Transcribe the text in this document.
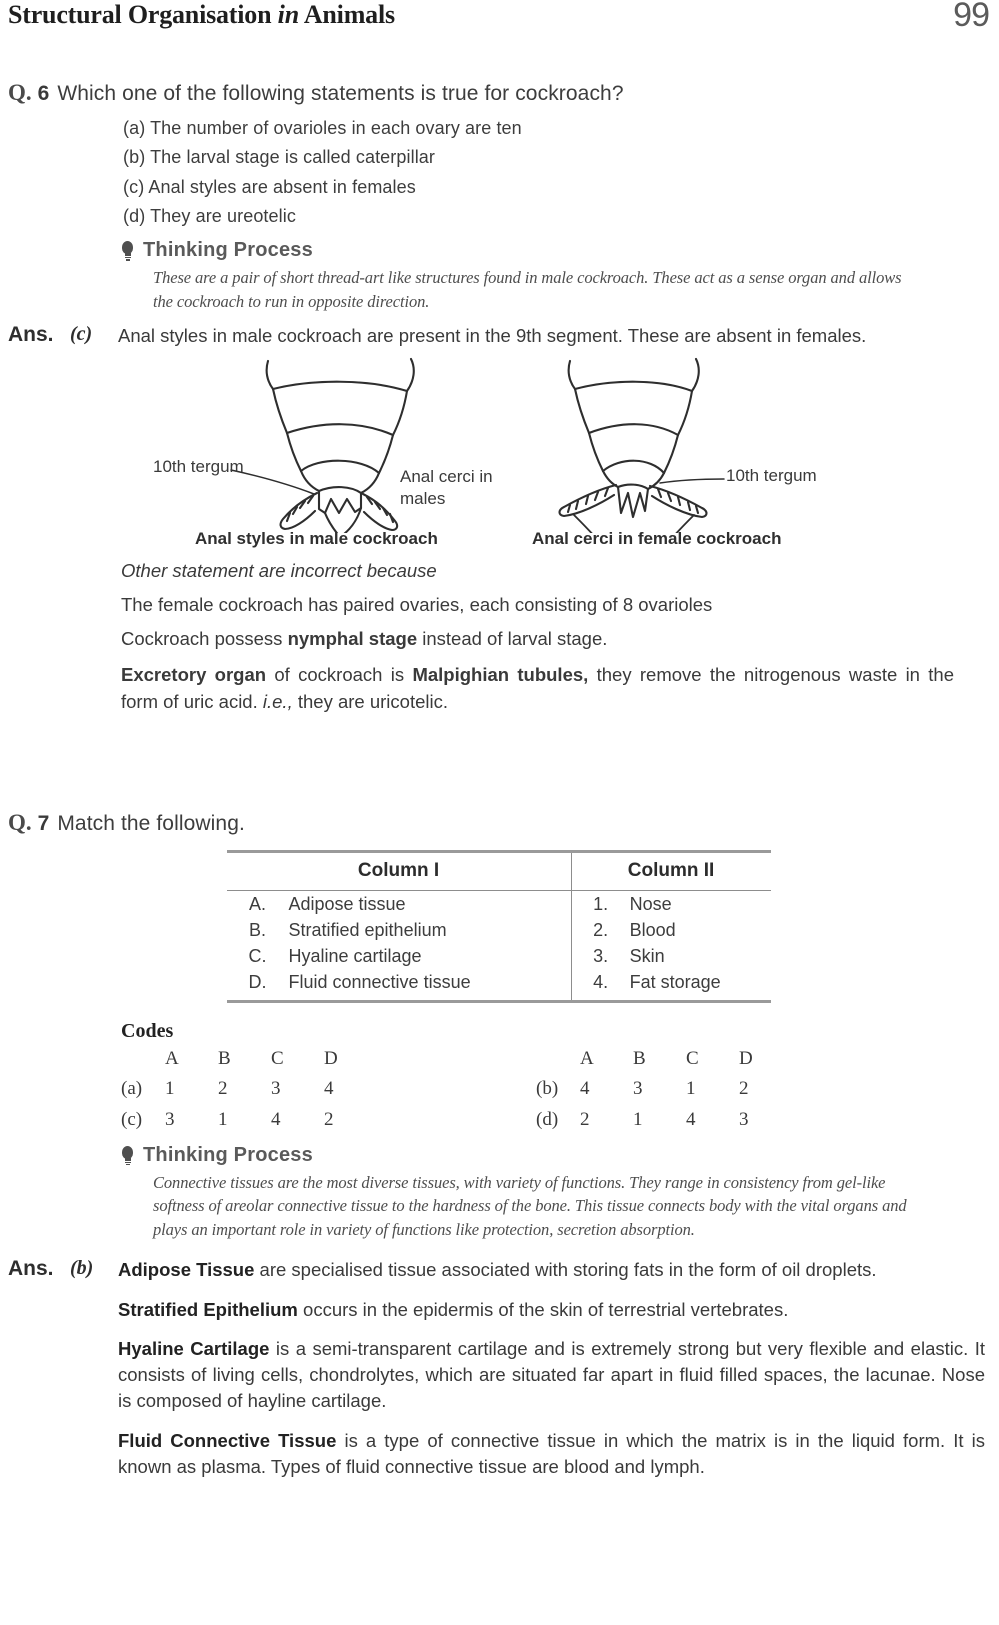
Structural Organisation in Animals	99
Q. 6 Which one of the following statements is true for cockroach?
(a) The number of ovarioles in each ovary are ten
(b) The larval stage is called caterpillar
(c) Anal styles are absent in females
(d) They are ureotelic
Thinking Process
These are a pair of short thread-art like structures found in male cockroach. These act as a sense organ and allows the cockroach to run in opposite direction.
Ans. (c)	Anal styles in male cockroach are present in the 9th segment. These are absent in females.
10th tergum
Anal cerci in
males
Anal styles in male cockroach
10th tergum
Anal cerci in female cockroach
Other statement are incorrect because
The female cockroach has paired ovaries, each consisting of 8 ovarioles
Cockroach possess nymphal stage instead of larval stage.
Excretory organ of cockroach is Malpighian tubules, they remove the nitrogenous waste in the form of uric acid. i.e., they are uricotelic.
Q. 7 Match the following.

Column I		Column II	
A.	Adipose tissue	1.	Nose
B.	Stratified epithelium	2.	Blood
C.	Hyaline cartilage	3.	Skin
D.	Fluid connective tissue	4.	Fat storage

Codes
A	B	C	D	A	B	C	D
(a)	1	2	3	4	(b)	4	3	1	2
(c)	3	1	4	2	(d)	2	1	4	3
Thinking Process
Connective tissues are the most diverse tissues, with variety of functions. They range in consistency from gel-like softness of areolar connective tissue to the hardness of the bone. This tissue connects body with the vital organs and plays an important role in variety of functions like protection, secretion absorption.
Ans. (b)	Adipose Tissue are specialised tissue associated with storing fats in the form of oil droplets.
Stratified Epithelium occurs in the epidermis of the skin of terrestrial vertebrates.
Hyaline Cartilage is a semi-transparent cartilage and is extremely strong but very flexible and elastic. It consists of living cells, chondrolytes, which are situated far apart in fluid filled spaces, the lacunae. Nose is composed of hayline cartilage.
Fluid Connective Tissue is a type of connective tissue in which the matrix is in the liquid form. It is known as plasma. Types of fluid connective tissue are blood and lymph.
